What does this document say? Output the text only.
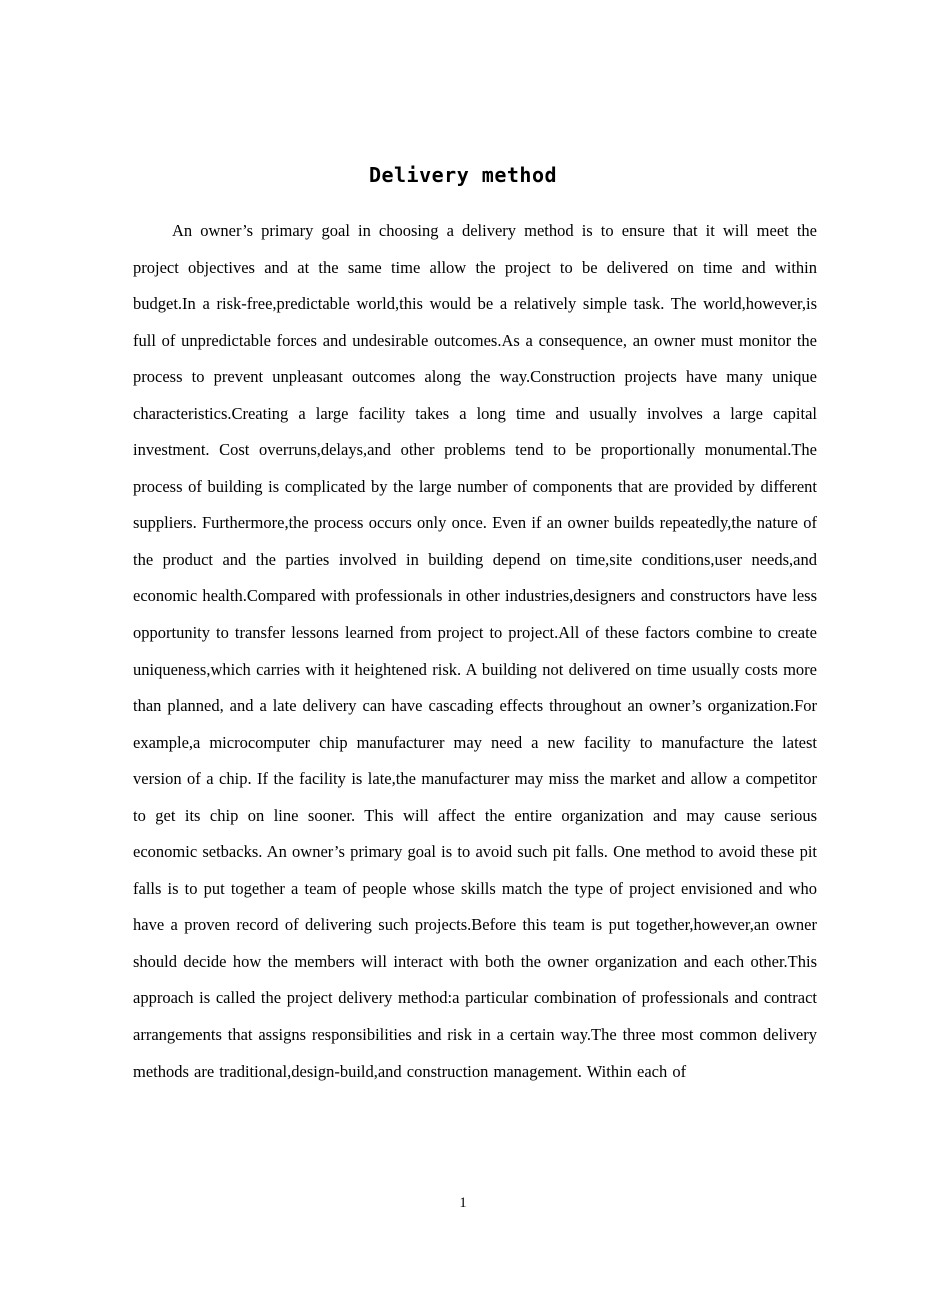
Delivery method

An owner’s primary goal in choosing a delivery method is to ensure that it will meet the project objectives and at the same time allow the project to be delivered on time and within budget.In a risk-free,predictable world,this would be a relatively simple task. The world,however,is full of unpredictable forces and undesirable outcomes.As a consequence, an owner must monitor the process to prevent unpleasant outcomes along the way.Construction projects have many unique characteristics.Creating a large facility takes a long time and usually involves a large capital investment. Cost overruns,delays,and other problems tend to be proportionally monumental.The process of building is complicated by the large number of components that are provided by different suppliers. Furthermore,the process occurs only once. Even if an owner builds repeatedly,the nature of the product and the parties involved in building depend on time,site conditions,user needs,and economic health.Compared with professionals in other industries,designers and constructors have less opportunity to transfer lessons learned from project to project.All of these factors combine to create uniqueness,which carries with it heightened risk. A building not delivered on time usually costs more than planned, and a late delivery can have cascading effects throughout an owner’s organization.For example,a microcomputer chip manufacturer may need a new facility to manufacture the latest version of a chip. If the facility is late,the manufacturer may miss the market and allow a competitor to get its chip on line sooner. This will affect the entire organization and may cause serious economic setbacks. An owner’s primary goal is to avoid such pit falls. One method to avoid these pit falls is to put together a team of people whose skills match the type of project envisioned and who have a proven record of delivering such projects.Before this team is put together,however,an owner should decide how the members will interact with both the owner organization and each other.This approach is called the project delivery method:a particular combination of professionals and contract arrangements that assigns responsibilities and risk in a certain way.The three most common delivery methods are traditional,design-build,and construction management. Within each of

1
